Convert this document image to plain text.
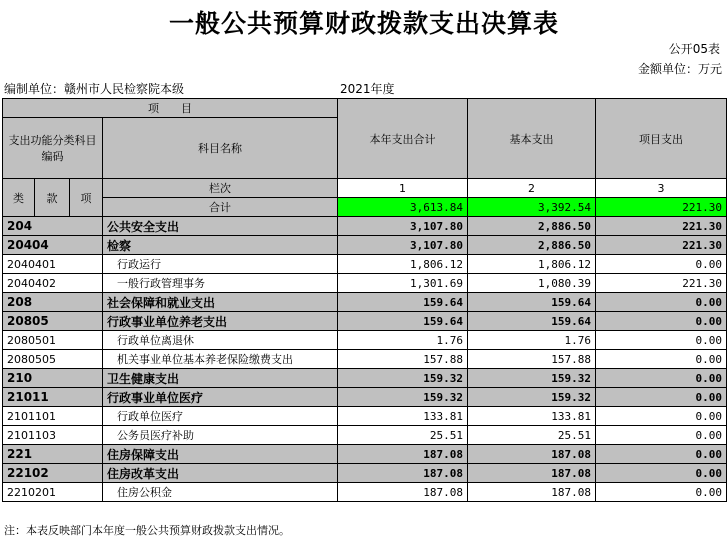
一般公共预算财政拨款支出决算表
公开05表
金额单位：万元
编制单位：赣州市人民检察院本级	2021年度
项　　目				本年支出合计	基本支出	项目支出
支出功能分类科目编码			科目名称			

类	款	项	栏次	1	2	3
			合计	3,613.84	3,392.54	221.30
204			公共安全支出	3,107.80	2,886.50	221.30
20404			检察	3,107.80	2,886.50	221.30
2040401			行政运行	1,806.12	1,806.12	0.00
2040402			一般行政管理事务	1,301.69	1,080.39	221.30
208			社会保障和就业支出	159.64	159.64	0.00
20805			行政事业单位养老支出	159.64	159.64	0.00
2080501			行政单位离退休	1.76	1.76	0.00
2080505			机关事业单位基本养老保险缴费支出	157.88	157.88	0.00
210			卫生健康支出	159.32	159.32	0.00
21011			行政事业单位医疗	159.32	159.32	0.00
2101101			行政单位医疗	133.81	133.81	0.00
2101103			公务员医疗补助	25.51	25.51	0.00
221			住房保障支出	187.08	187.08	0.00
22102			住房改革支出	187.08	187.08	0.00
2210201			住房公积金	187.08	187.08	0.00
注：本表反映部门本年度一般公共预算财政拨款支出情况。
